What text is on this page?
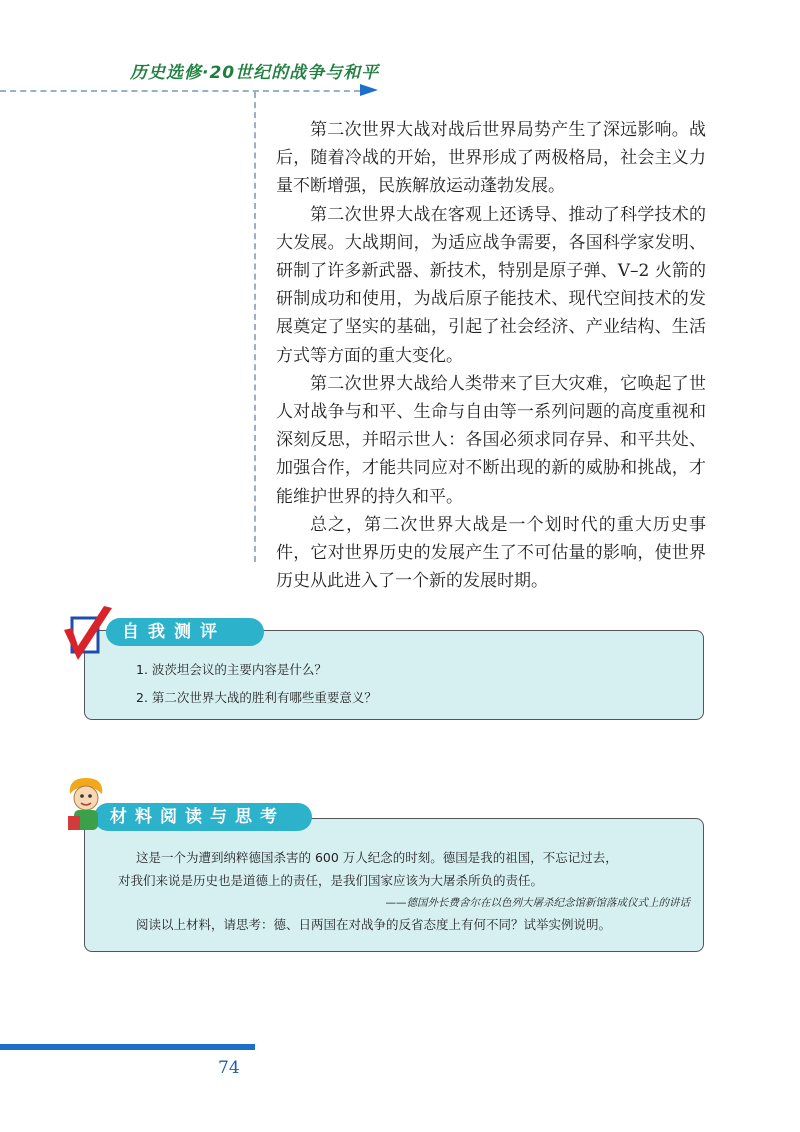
历史选修·20世纪的战争与和平

第二次世界大战对战后世界局势产生了深远影响。战后，随着冷战的开始，世界形成了两极格局，社会主义力量不断增强，民族解放运动蓬勃发展。

第二次世界大战在客观上还诱导、推动了科学技术的大发展。大战期间，为适应战争需要，各国科学家发明、研制了许多新武器、新技术，特别是原子弹、V–2 火箭的研制成功和使用，为战后原子能技术、现代空间技术的发展奠定了坚实的基础，引起了社会经济、产业结构、生活方式等方面的重大变化。

第二次世界大战给人类带来了巨大灾难，它唤起了世人对战争与和平、生命与自由等一系列问题的高度重视和深刻反思，并昭示世人：各国必须求同存异、和平共处、加强合作，才能共同应对不断出现的新的威胁和挑战，才能维护世界的持久和平。

总之，第二次世界大战是一个划时代的重大历史事件，它对世界历史的发展产生了不可估量的影响，使世界历史从此进入了一个新的发展时期。

自我测评
1. 波茨坦会议的主要内容是什么？
2. 第二次世界大战的胜利有哪些重要意义？
材料阅读与思考
这是一个为遭到纳粹德国杀害的 600 万人纪念的时刻。德国是我的祖国，不忘记过去，
对我们来说是历史也是道德上的责任，是我们国家应该为大屠杀所负的责任。
——德国外长费舍尔在以色列大屠杀纪念馆新馆落成仪式上的讲话
阅读以上材料，请思考：德、日两国在对战争的反省态度上有何不同？试举实例说明。
74
